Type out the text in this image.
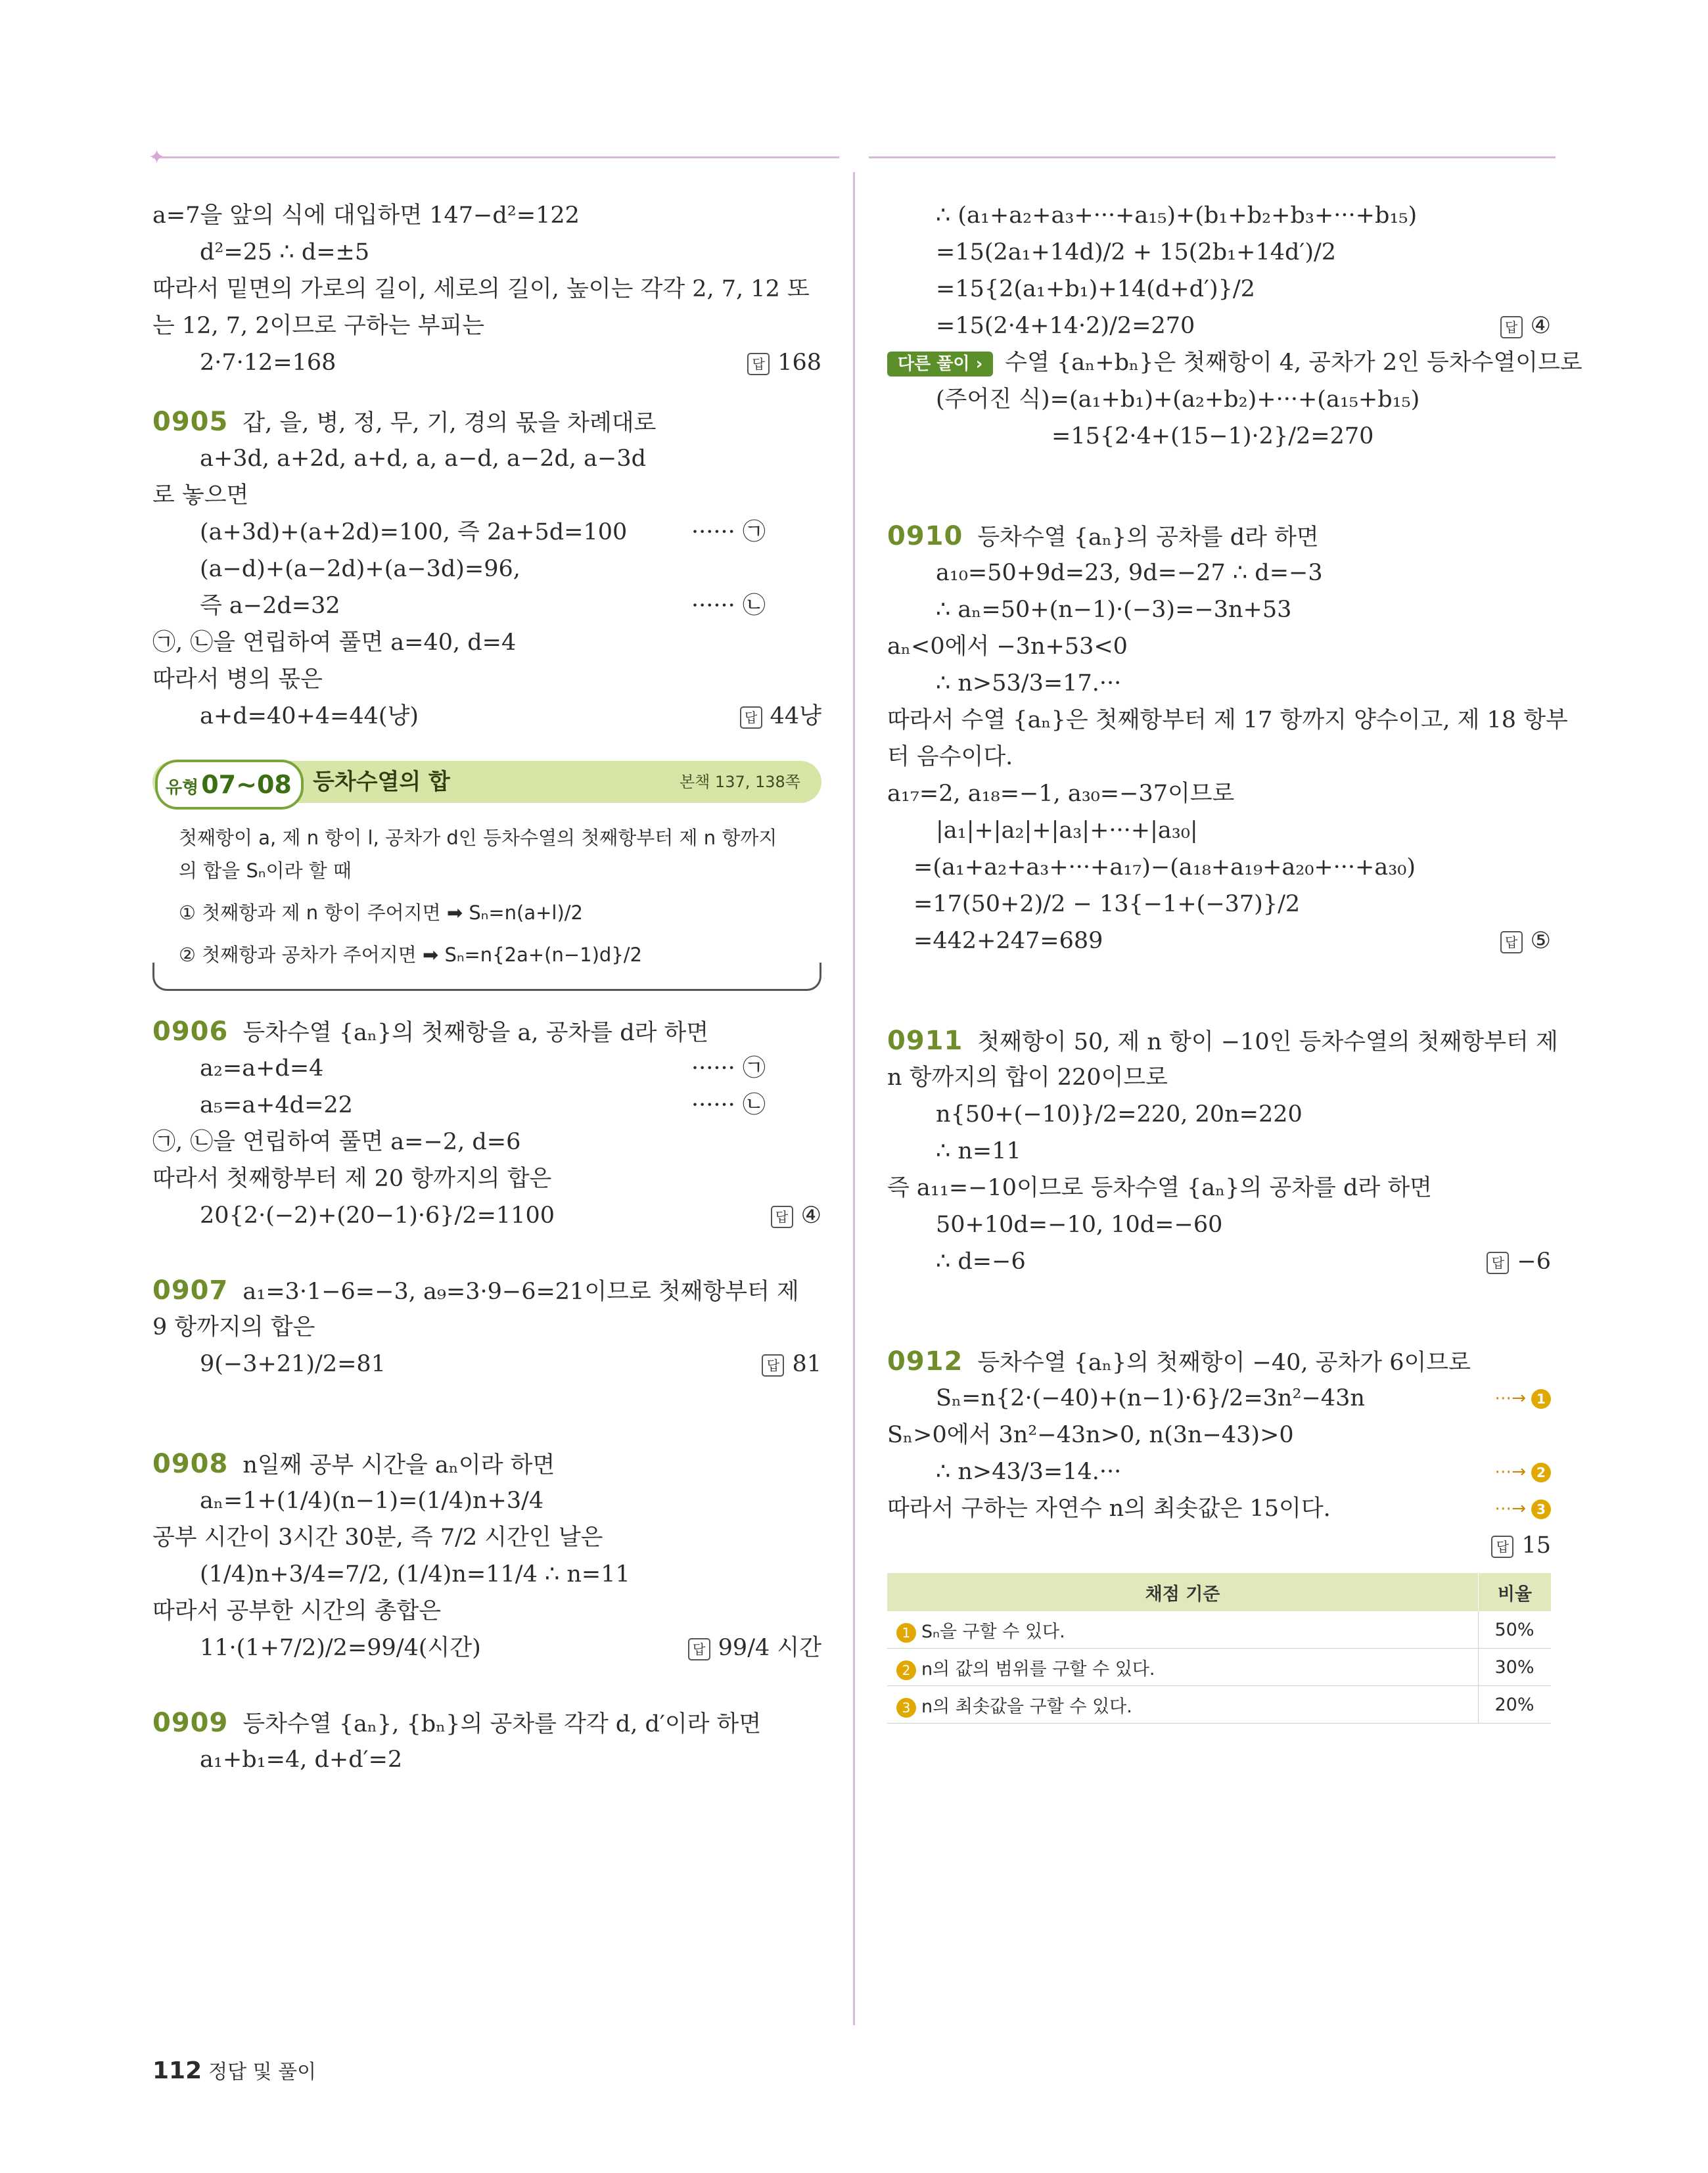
✦
a=7을 앞의 식에 대입하면 147−d²=122
d²=25 ∴ d=±5
따라서 밑면의 가로의 길이, 세로의 길이, 높이는 각각 2, 7, 12 또
는 12, 7, 2이므로 구하는 부피는
2·7·12=168	답 168
0905 갑, 을, 병, 정, 무, 기, 경의 몫을 차례대로
a+3d, a+2d, a+d, a, a−d, a−2d, a−3d
로 놓으면
(a+3d)+(a+2d)=100, 즉 2a+5d=100	······ ㉠
(a−d)+(a−2d)+(a−3d)=96,
즉 a−2d=32	······ ㉡
㉠, ㉡을 연립하여 풀면 a=40, d=4
따라서 병의 몫은
a+d=40+4=44(냥)	답 44냥
유형 07~08 등차수열의 합	본책 137, 138쪽
첫째항이 a, 제 n 항이 l, 공차가 d인 등차수열의 첫째항부터 제 n 항까지
의 합을 Sₙ이라 할 때
① 첫째항과 제 n 항이 주어지면 ➡ Sₙ=n(a+l)/2
② 첫째항과 공차가 주어지면 ➡ Sₙ=n{2a+(n−1)d}/2
0906 등차수열 {aₙ}의 첫째항을 a, 공차를 d라 하면
a₂=a+d=4	······ ㉠
a₅=a+4d=22	······ ㉡
㉠, ㉡을 연립하여 풀면 a=−2, d=6
따라서 첫째항부터 제 20 항까지의 합은
20{2·(−2)+(20−1)·6}/2=1100	답 ④
0907 a₁=3·1−6=−3, a₉=3·9−6=21이므로 첫째항부터 제
9 항까지의 합은
9(−3+21)/2=81	답 81
0908 n일째 공부 시간을 aₙ이라 하면
aₙ=1+(1/4)(n−1)=(1/4)n+3/4
공부 시간이 3시간 30분, 즉 7/2 시간인 날은
(1/4)n+3/4=7/2, (1/4)n=11/4 ∴ n=11
따라서 공부한 시간의 총합은
11·(1+7/2)/2=99/4(시간)	답 99/4 시간
0909 등차수열 {aₙ}, {bₙ}의 공차를 각각 d, d′이라 하면
a₁+b₁=4, d+d′=2
∴ (a₁+a₂+a₃+···+a₁₅)+(b₁+b₂+b₃+···+b₁₅)
=15(2a₁+14d)/2 + 15(2b₁+14d′)/2
=15{2(a₁+b₁)+14(d+d′)}/2
=15(2·4+14·2)/2=270	답 ④
다른 풀이 › 수열 {aₙ+bₙ}은 첫째항이 4, 공차가 2인 등차수열이므로
(주어진 식)=(a₁+b₁)+(a₂+b₂)+···+(a₁₅+b₁₅)
=15{2·4+(15−1)·2}/2=270
0910 등차수열 {aₙ}의 공차를 d라 하면
a₁₀=50+9d=23, 9d=−27 ∴ d=−3
∴ aₙ=50+(n−1)·(−3)=−3n+53
aₙ<0에서 −3n+53<0
∴ n>53/3=17.···
따라서 수열 {aₙ}은 첫째항부터 제 17 항까지 양수이고, 제 18 항부
터 음수이다.
a₁₇=2, a₁₈=−1, a₃₀=−37이므로
|a₁|+|a₂|+|a₃|+···+|a₃₀|
=(a₁+a₂+a₃+···+a₁₇)−(a₁₈+a₁₉+a₂₀+···+a₃₀)
=17(50+2)/2 − 13{−1+(−37)}/2
=442+247=689	답 ⑤
0911 첫째항이 50, 제 n 항이 −10인 등차수열의 첫째항부터 제
n 항까지의 합이 220이므로
n{50+(−10)}/2=220, 20n=220
∴ n=11
즉 a₁₁=−10이므로 등차수열 {aₙ}의 공차를 d라 하면
50+10d=−10, 10d=−60
∴ d=−6	답 −6
0912 등차수열 {aₙ}의 첫째항이 −40, 공차가 6이므로
Sₙ=n{2·(−40)+(n−1)·6}/2=3n²−43n	⋯→ 1
Sₙ>0에서 3n²−43n>0, n(3n−43)>0
∴ n>43/3=14.···	⋯→ 2
따라서 구하는 자연수 n의 최솟값은 15이다.	⋯→ 3
답 15
채점 기준	비율
1 Sₙ을 구할 수 있다.	50%
2 n의 값의 범위를 구할 수 있다.	30%
3 n의 최솟값을 구할 수 있다.	20%
112 정답 및 풀이
